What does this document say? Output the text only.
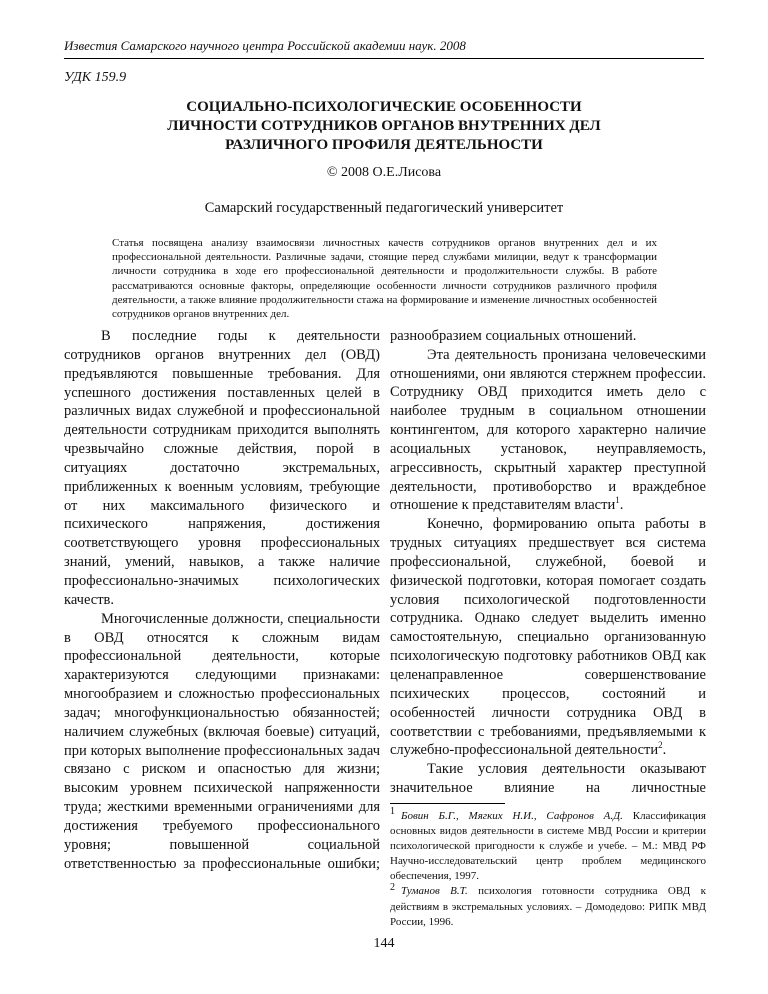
Известия Самарского научного центра Российской академии наук. 2008
УДК 159.9
СОЦИАЛЬНО-ПСИХОЛОГИЧЕСКИЕ ОСОБЕННОСТИ
ЛИЧНОСТИ СОТРУДНИКОВ ОРГАНОВ ВНУТРЕННИХ ДЕЛ
РАЗЛИЧНОГО ПРОФИЛЯ ДЕЯТЕЛЬНОСТИ
© 2008 О.Е.Лисова
Самарский государственный педагогический университет
Статья посвящена анализу взаимосвязи личностных качеств сотрудников органов внутренних дел и их профессиональной деятельности. Различные задачи, стоящие перед службами милиции, ведут к трансформации личности сотрудника в ходе его профессиональной деятельности и продолжительности службы. В работе рассматриваются основные факторы, определяющие особенности личности сотрудников различного профиля деятельности, а также влияние продолжительности стажа на формирование и изменение личностных особенностей сотрудников органов внутренних дел.

В последние годы к деятельности сотрудников органов внутренних дел (ОВД) предъявляются повышенные требования. Для успешного достижения поставленных целей в различных видах служебной и профессиональной деятельности сотрудникам приходится выполнять чрезвычайно сложные действия, порой в ситуациях достаточно экстремальных, приближенных к военным условиям, требующие от них максимального физического и психического напряжения, достижения соответствующего уровня профессиональных знаний, умений, навыков, а также наличие профессионально-значимых психологических качеств.

Многочисленные должности, специальности в ОВД относятся к сложным видам профессиональной деятельности, которые характеризуются следующими признаками: многообразием и сложностью профессиональных задач; многофункциональностью обязанностей; наличием служебных (включая боевые) ситуаций, при которых выполнение профессиональных задач связано с риском и опасностью для жизни; высоким уровнем психической напряженности труда; жесткими временными ограничениями для достижения требуемого профессионального уровня; повышенной социальной ответственностью за профессиональные ошибки;

разнообразием социальных отношений.

Эта деятельность пронизана человеческими отношениями, они являются стержнем профессии. Сотруднику ОВД приходится иметь дело с наиболее трудным в социальном отношении контингентом, для которого характерно наличие асоциальных установок, неуправляемость, агрессивность, скрытный характер преступной деятельности, противоборство и враждебное отношение к представителям власти$^1$.

Конечно, формированию опыта работы в трудных ситуациях предшествует вся система профессиональной, служебной, боевой и физической подготовки, которая помогает создать условия психологической подготовленности сотрудника. Однако следует выделить именно самостоятельную, специально организованную психологическую подготовку работников ОВД как целенаправленное совершенствование психических процессов, состояний и особенностей личности сотрудника ОВД в соответствии с требованиями, предъявляемыми к служебно-профессиональной деятельности$^2$.

Такие условия деятельности оказывают значительное влияние на личностные

1 Бовин Б.Г., Мягких Н.И., Сафронов А.Д. Классификация основных видов деятельности в системе МВД России и критерии психологической пригодности к службе и учебе. – М.: МВД РФ Научно-исследовательский центр проблем медицинского обеспечения, 1997.

2 Туманов В.Т. психология готовности сотрудника ОВД к действиям в экстремальных условиях. – Домодедово: РИПК МВД России, 1996.

144
